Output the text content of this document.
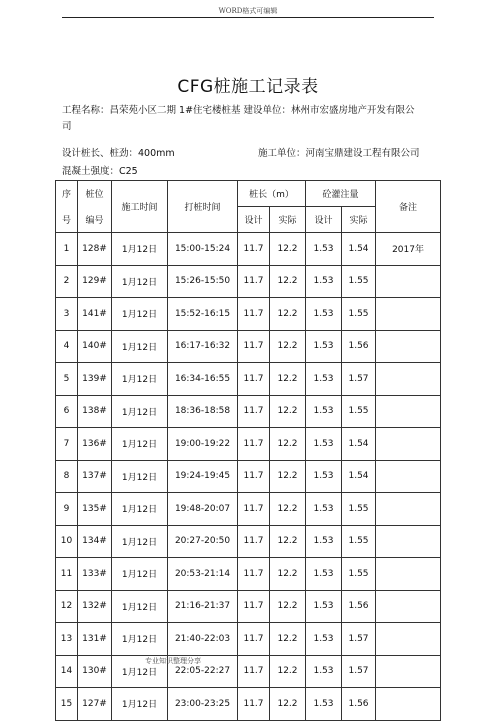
WORD格式可编辑
CFG桩施工记录表
工程名称：昌荣苑小区二期 1#住宅楼桩基 建设单位：林州市宏盛房地产开发有限公
司
设计桩长、桩劲：400mm	施工单位：河南宝鼎建设工程有限公司
混凝土强度：C25
序	桩位	施工时间	打桩时间	桩长（m）		砼灌注量		备注
号	编号			设计	实际	设计	实际	
1	128#	1月12日	15:00-15:24	11.7	12.2	1.53	1.54	2017年
2	129#	1月12日	15:26-15:50	11.7	12.2	1.53	1.55	
3	141#	1月12日	15:52-16:15	11.7	12.2	1.53	1.55	
4	140#	1月12日	16:17-16:32	11.7	12.2	1.53	1.56	
5	139#	1月12日	16:34-16:55	11.7	12.2	1.53	1.57	
6	138#	1月12日	18:36-18:58	11.7	12.2	1.53	1.55	
7	136#	1月12日	19:00-19:22	11.7	12.2	1.53	1.54	
8	137#	1月12日	19:24-19:45	11.7	12.2	1.53	1.54	
9	135#	1月12日	19:48-20:07	11.7	12.2	1.53	1.55	
10	134#	1月12日	20:27-20:50	11.7	12.2	1.53	1.55	
11	133#	1月12日	20:53-21:14	11.7	12.2	1.53	1.55	
12	132#	1月12日	21:16-21:37	11.7	12.2	1.53	1.56	
13	131#	1月12日	21:40-22:03	11.7	12.2	1.53	1.57	
14	130#	1月12日	22:05-22:27	11.7	12.2	1.53	1.57	
15	127#	1月12日	23:00-23:25	11.7	12.2	1.53	1.56	
专业知识整理分享
